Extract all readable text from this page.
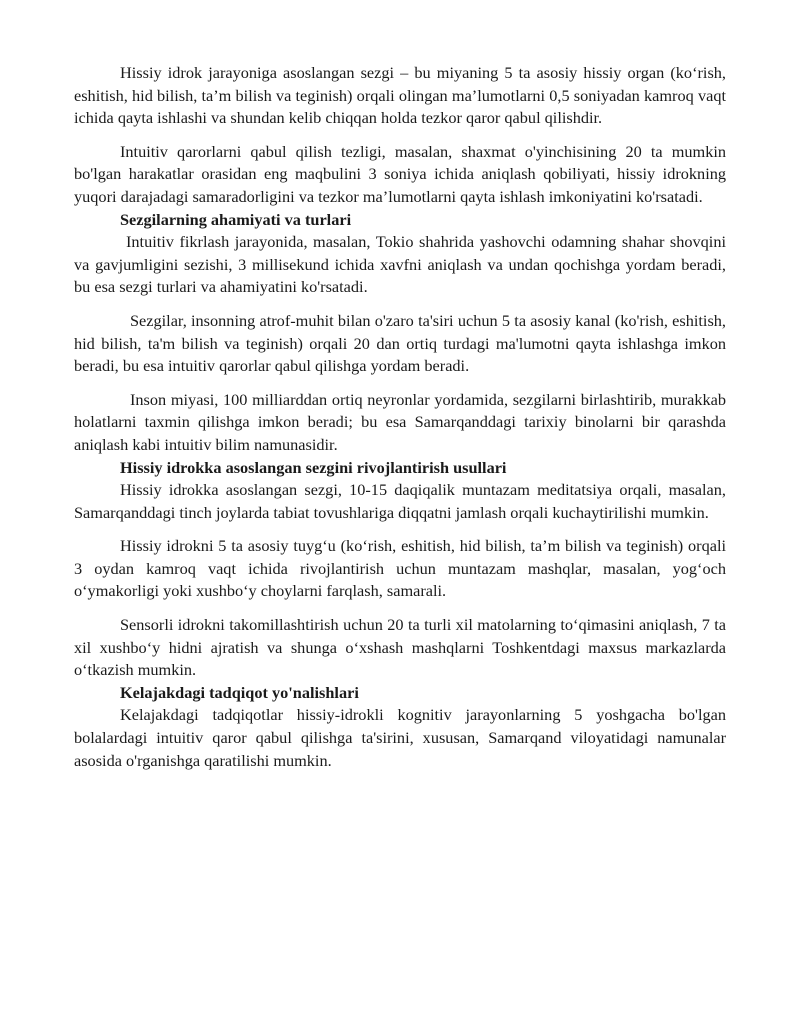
Hissiy idrok jarayoniga asoslangan sezgi – bu miyaning 5 ta asosiy hissiy organ (ko‘rish, eshitish, hid bilish, ta’m bilish va teginish) orqali olingan ma’lumotlarni 0,5 soniyadan kamroq vaqt ichida qayta ishlashi va shundan kelib chiqqan holda tezkor qaror qabul qilishdir.

Intuitiv qarorlarni qabul qilish tezligi, masalan, shaxmat o'yinchisining 20 ta mumkin bo'lgan harakatlar orasidan eng maqbulini 3 soniya ichida aniqlash qobiliyati, hissiy idrokning yuqori darajadagi samaradorligini va tezkor ma’lumotlarni qayta ishlash imkoniyatini ko'rsatadi.

Sezgilarning ahamiyati va turlari

Intuitiv fikrlash jarayonida, masalan, Tokio shahrida yashovchi odamning shahar shovqini va gavjumligini sezishi, 3 millisekund ichida xavfni aniqlash va undan qochishga yordam beradi, bu esa sezgi turlari va ahamiyatini ko'rsatadi.

Sezgilar, insonning atrof-muhit bilan o'zaro ta'siri uchun 5 ta asosiy kanal (ko'rish, eshitish, hid bilish, ta'm bilish va teginish) orqali 20 dan ortiq turdagi ma'lumotni qayta ishlashga imkon beradi, bu esa intuitiv qarorlar qabul qilishga yordam beradi.

Inson miyasi, 100 milliarddan ortiq neyronlar yordamida, sezgilarni birlashtirib, murakkab holatlarni taxmin qilishga imkon beradi; bu esa Samarqanddagi tarixiy binolarni bir qarashda aniqlash kabi intuitiv bilim namunasidir.

Hissiy idrokka asoslangan sezgini rivojlantirish usullari

Hissiy idrokka asoslangan sezgi, 10-15 daqiqalik muntazam meditatsiya orqali, masalan, Samarqanddagi tinch joylarda tabiat tovushlariga diqqatni jamlash orqali kuchaytirilishi mumkin.

Hissiy idrokni 5 ta asosiy tuyg‘u (ko‘rish, eshitish, hid bilish, ta’m bilish va teginish) orqali 3 oydan kamroq vaqt ichida rivojlantirish uchun muntazam mashqlar, masalan, yog‘och o‘ymakorligi yoki xushbo‘y choylarni farqlash, samarali.

Sensorli idrokni takomillashtirish uchun 20 ta turli xil matolarning to‘qimasini aniqlash, 7 ta xil xushbo‘y hidni ajratish va shunga o‘xshash mashqlarni Toshkentdagi maxsus markazlarda o‘tkazish mumkin.

Kelajakdagi tadqiqot yo'nalishlari

Kelajakdagi tadqiqotlar hissiy-idrokli kognitiv jarayonlarning 5 yoshgacha bo'lgan bolalardagi intuitiv qaror qabul qilishga ta'sirini, xususan, Samarqand viloyatidagi namunalar asosida o'rganishga qaratilishi mumkin.
